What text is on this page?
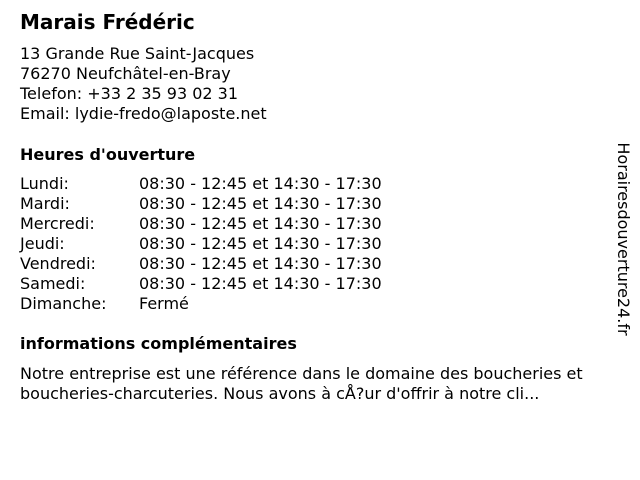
Marais Frédéric
13 Grande Rue Saint-Jacques
76270 Neufchâtel-en-Bray
Telefon: +33 2 35 93 02 31
Email: lydie-fredo@laposte.net
Heures d'ouverture
Lundi:	08:30 - 12:45 et 14:30 - 17:30
Mardi:	08:30 - 12:45 et 14:30 - 17:30
Mercredi:	08:30 - 12:45 et 14:30 - 17:30
Jeudi:	08:30 - 12:45 et 14:30 - 17:30
Vendredi:	08:30 - 12:45 et 14:30 - 17:30
Samedi:	08:30 - 12:45 et 14:30 - 17:30
Dimanche:	Fermé
informations complémentaires
Notre entreprise est une référence dans le domaine des boucheries et
boucheries-charcuteries. Nous avons à cÅ?ur d'offrir à notre cli...
Horairesdouverture24.fr
